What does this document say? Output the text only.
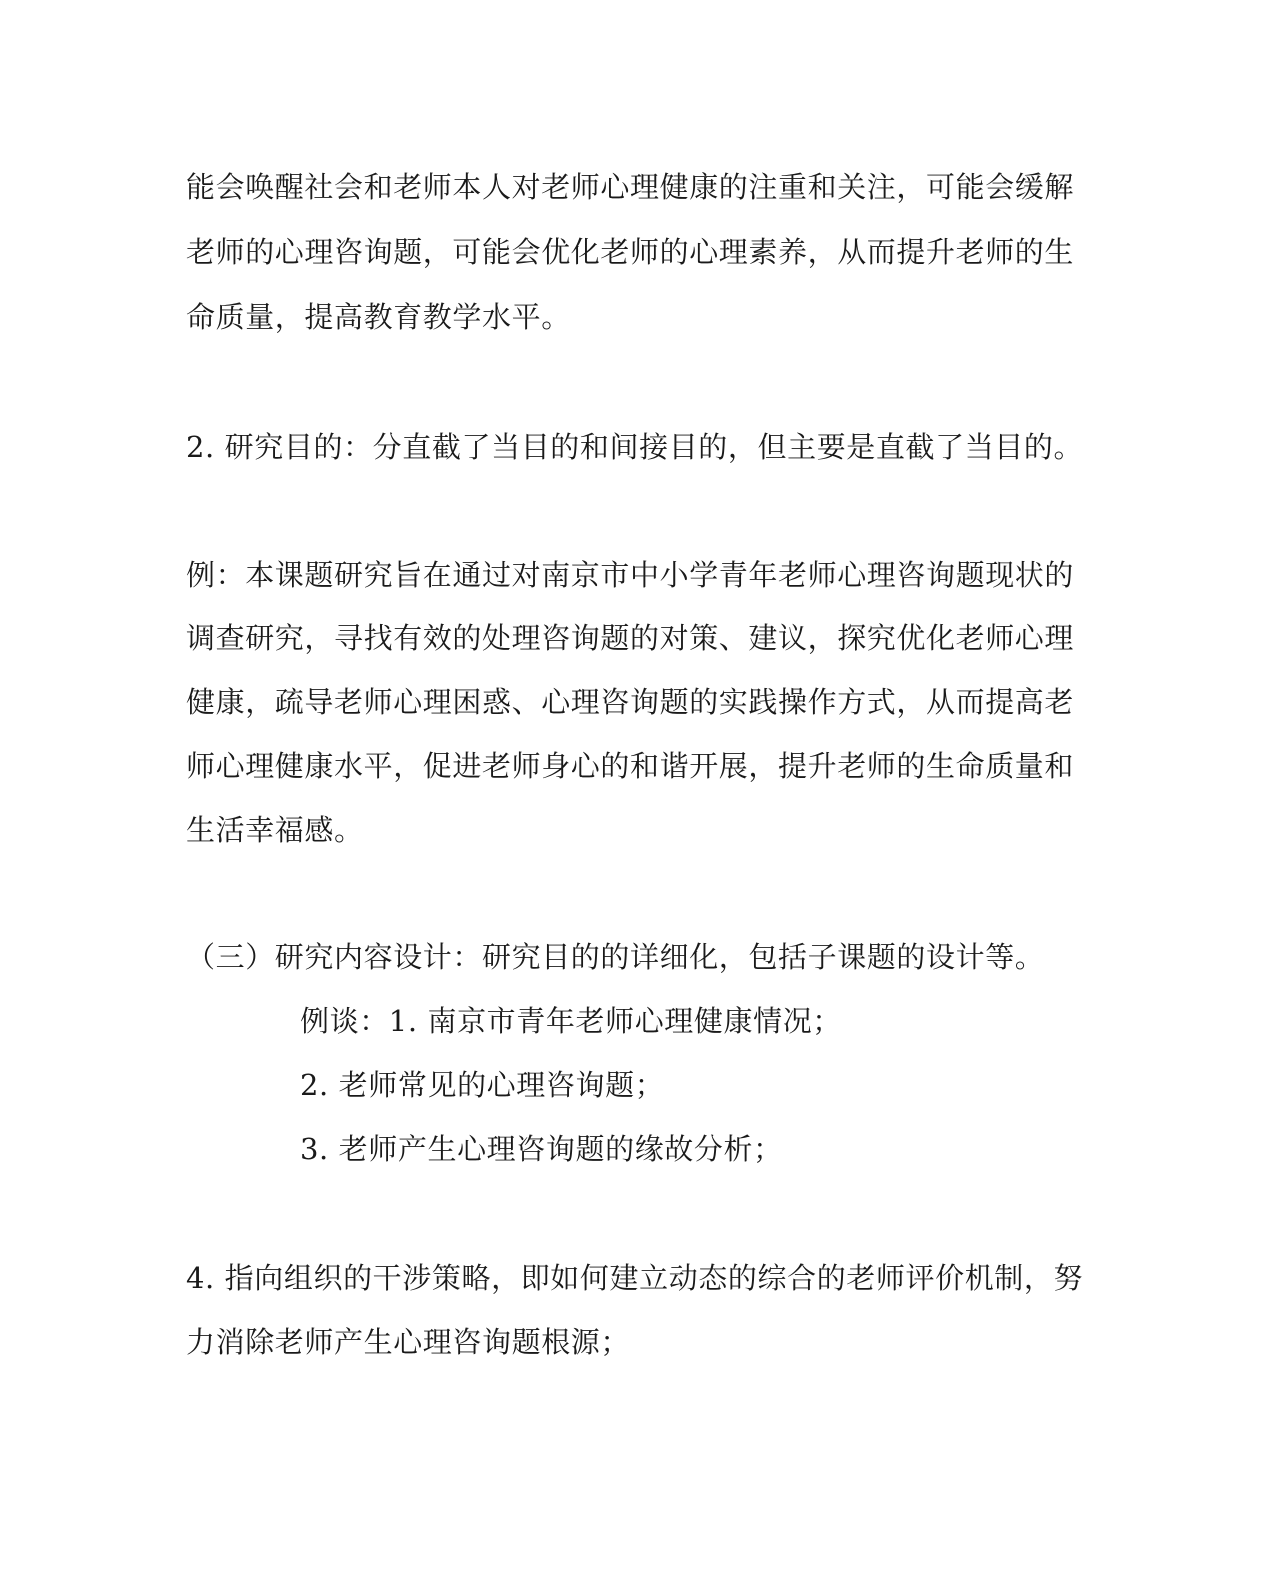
能会唤醒社会和老师本人对老师心理健康的注重和关注，可能会缓解
老师的心理咨询题，可能会优化老师的心理素养，从而提升老师的生
命质量，提高教育教学水平。
2. 研究目的：分直截了当目的和间接目的，但主要是直截了当目的。
例：本课题研究旨在通过对南京市中小学青年老师心理咨询题现状的
调查研究，寻找有效的处理咨询题的对策、建议，探究优化老师心理
健康，疏导老师心理困惑、心理咨询题的实践操作方式，从而提高老
师心理健康水平，促进老师身心的和谐开展，提升老师的生命质量和
生活幸福感。
（三）研究内容设计：研究目的的详细化，包括子课题的设计等。
例谈：1. 南京市青年老师心理健康情况；
2. 老师常见的心理咨询题；
3. 老师产生心理咨询题的缘故分析；
4. 指向组织的干涉策略，即如何建立动态的综合的老师评价机制，努
力消除老师产生心理咨询题根源；
